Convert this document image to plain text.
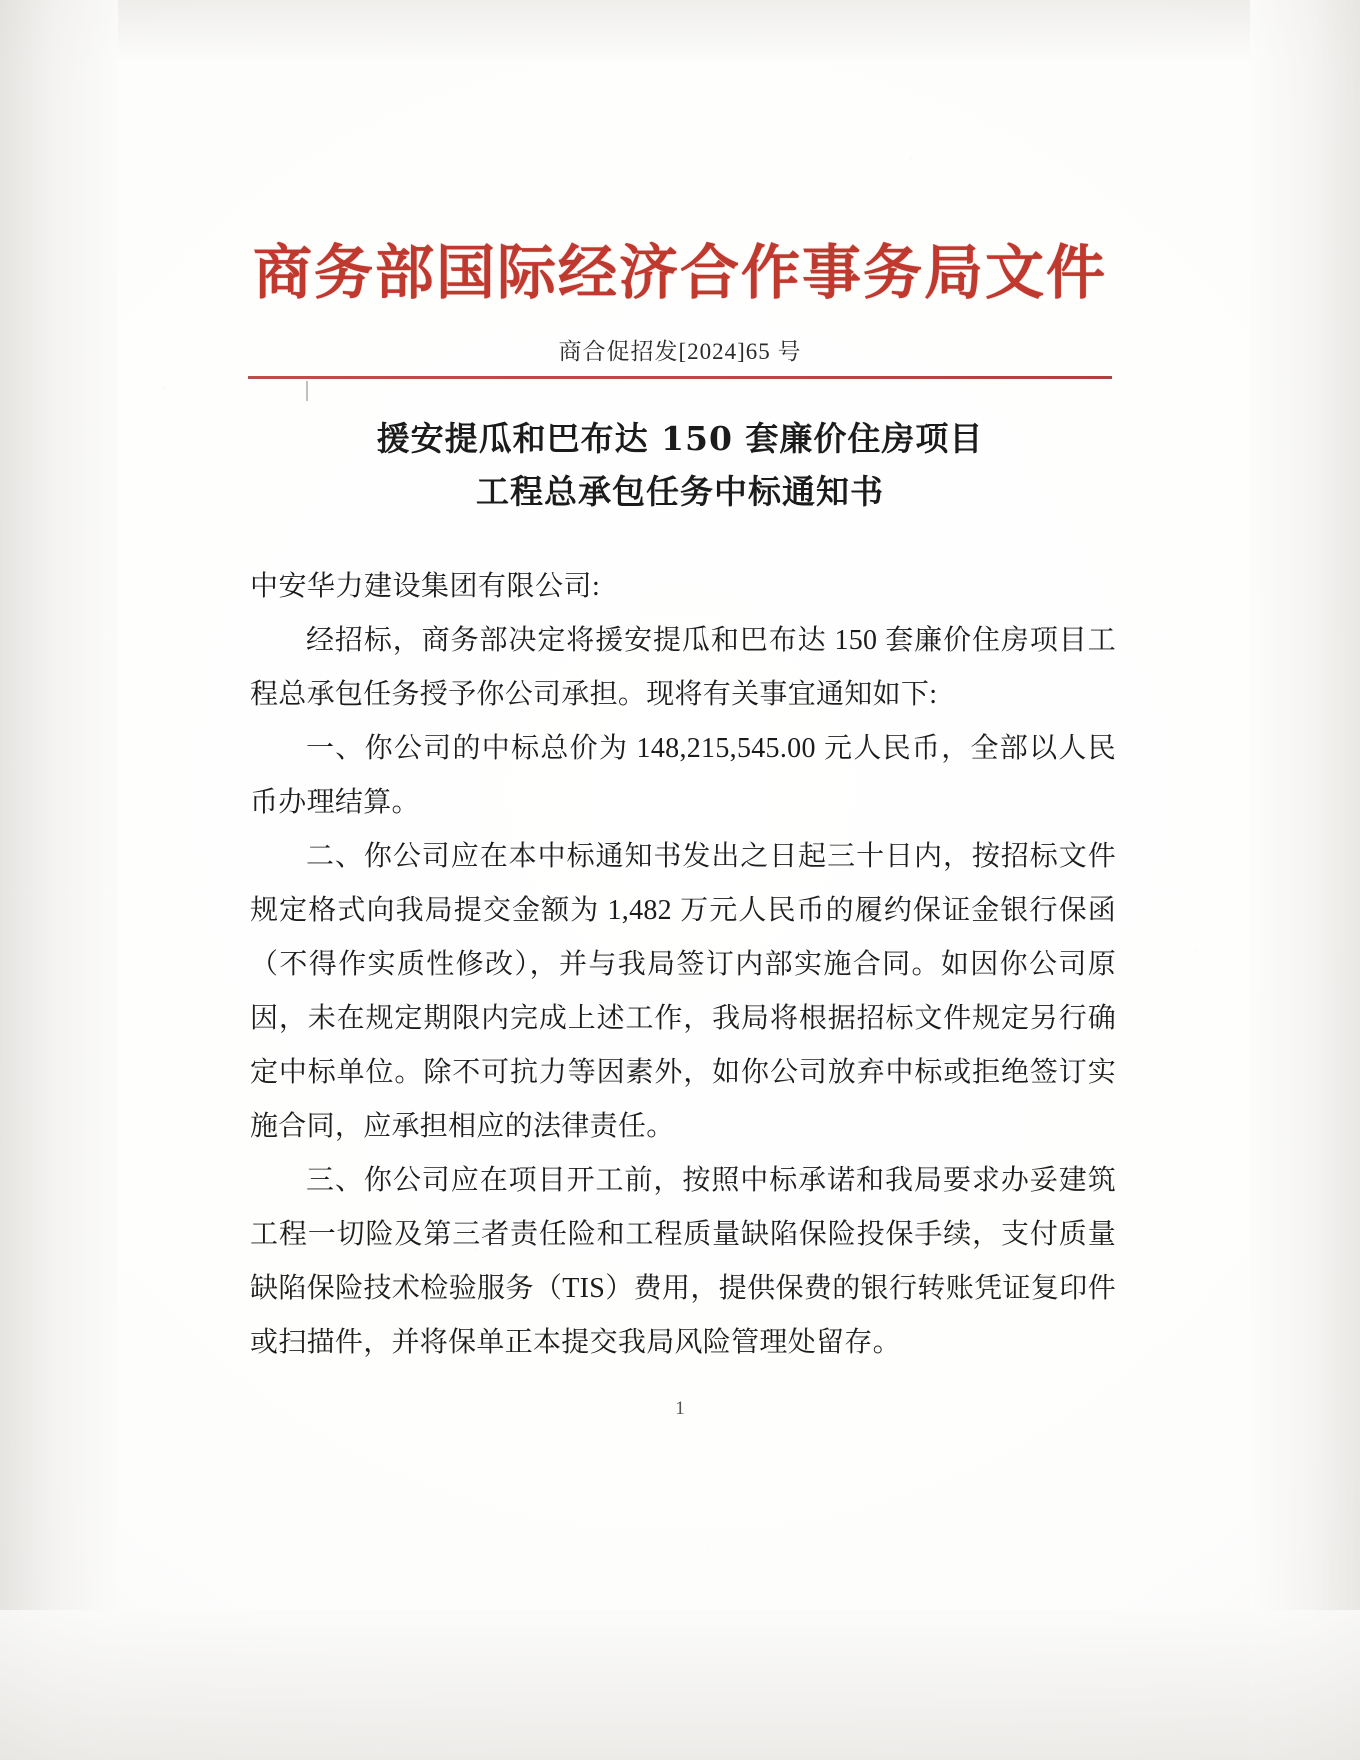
商务部国际经济合作事务局文件
商合促招发[2024]65 号
援安提瓜和巴布达 150 套廉价住房项目
工程总承包任务中标通知书
中安华力建设集团有限公司:
经招标，商务部决定将援安提瓜和巴布达 150 套廉价住房项目工程总承包任务授予你公司承担。现将有关事宜通知如下:
一、你公司的中标总价为 148,215,545.00 元人民币，全部以人民币办理结算。
二、你公司应在本中标通知书发出之日起三十日内，按招标文件规定格式向我局提交金额为 1,482 万元人民币的履约保证金银行保函（不得作实质性修改），并与我局签订内部实施合同。如因你公司原因，未在规定期限内完成上述工作，我局将根据招标文件规定另行确定中标单位。除不可抗力等因素外，如你公司放弃中标或拒绝签订实施合同，应承担相应的法律责任。
三、你公司应在项目开工前，按照中标承诺和我局要求办妥建筑工程一切险及第三者责任险和工程质量缺陷保险投保手续，支付质量缺陷保险技术检验服务（TIS）费用，提供保费的银行转账凭证复印件或扫描件，并将保单正本提交我局风险管理处留存。
1
